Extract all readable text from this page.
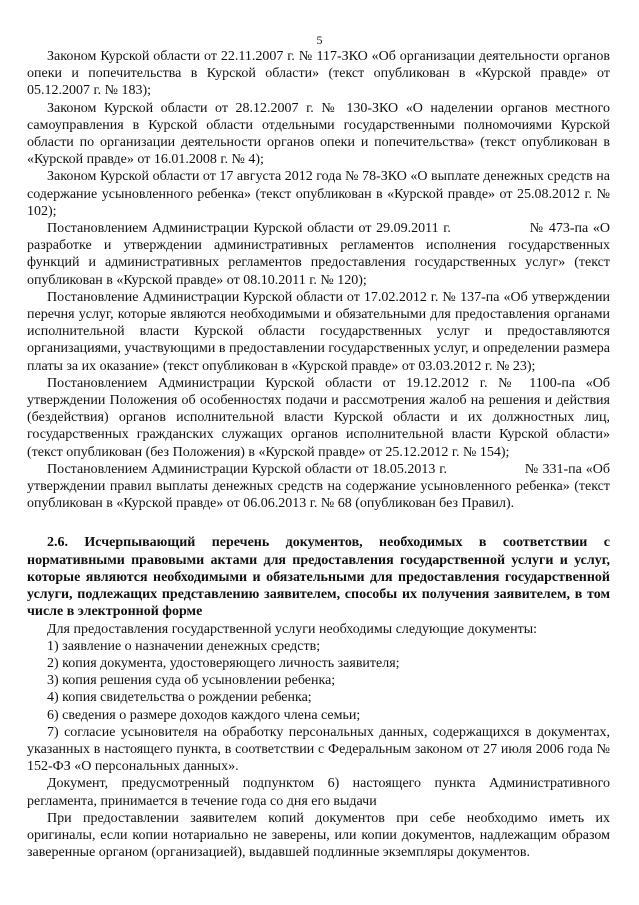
5

Законом Курской области от 22.11.2007 г. № 117-ЗКО «Об организации деятельности органов опеки и попечительства в Курской области» (текст опубликован в «Курской правде» от 05.12.2007 г. № 183);

Законом Курской области от 28.12.2007 г. № 130-ЗКО «О наделении органов местного самоуправления в Курской области отдельными государственными полномочиями Курской области по организации деятельности органов опеки и попечительства» (текст опубликован в «Курской правде» от 16.01.2008 г. № 4);

Законом Курской области от 17 августа 2012 года № 78-ЗКО «О выплате денежных средств на содержание усыновленного ребенка» (текст опубликован в «Курской правде» от 25.08.2012 г. № 102);

Постановлением Администрации Курской области от 29.09.2011 г.                 № 473-па «О разработке и утверждении административных регламентов исполнения государственных функций и административных регламентов предоставления государственных услуг» (текст опубликован в «Курской правде» от 08.10.2011 г. № 120);

Постановление Администрации Курской области от 17.02.2012 г. № 137-па «Об утверждении перечня услуг, которые являются необходимыми и обязательными для предоставления органами исполнительной власти Курской области государственных услуг и предоставляются организациями, участвующими в предоставлении государственных услуг, и определении размера платы за их оказание» (текст опубликован в «Курской правде» от 03.03.2012 г. № 23);

Постановлением Администрации Курской области от 19.12.2012 г. № 1100-па «Об утверждении Положения об особенностях подачи и рассмотрения жалоб на решения и действия (бездействия) органов исполнительной власти Курской области и их должностных лиц, государственных гражданских служащих органов исполнительной власти Курской области» (текст опубликован (без Положения) в «Курской правде» от 25.12.2012 г. № 154);

Постановлением Администрации Курской области от 18.05.2013 г.                    № 331-па «Об утверждении правил выплаты денежных средств на содержание усыновленного ребенка» (текст опубликован в «Курской правде» от 06.06.2013 г. № 68 (опубликован без Правил).

2.6. Исчерпывающий перечень документов, необходимых в соответствии с нормативными правовыми актами для предоставления государственной услуги и услуг, которые являются необходимыми и обязательными для предоставления государственной услуги, подлежащих представлению заявителем, способы их получения заявителем, в том числе в электронной форме

Для предоставления государственной услуги необходимы следующие документы:

1) заявление о назначении денежных средств;

2) копия документа, удостоверяющего личность заявителя;

3) копия решения суда об усыновлении ребенка;

4) копия свидетельства о рождении ребенка;

6) сведения о размере доходов каждого члена семьи;

7) согласие усыновителя на обработку персональных данных, содержащихся в документах, указанных в настоящего пункта, в соответствии с Федеральным законом от 27 июля 2006 года № 152-ФЗ «О персональных данных».

Документ, предусмотренный подпунктом 6) настоящего пункта Административного регламента, принимается в течение года со дня его выдачи

При предоставлении заявителем копий документов при себе необходимо иметь их оригиналы, если копии нотариально не заверены, или копии документов, надлежащим образом заверенные органом (организацией), выдавшей подлинные экземпляры документов.
